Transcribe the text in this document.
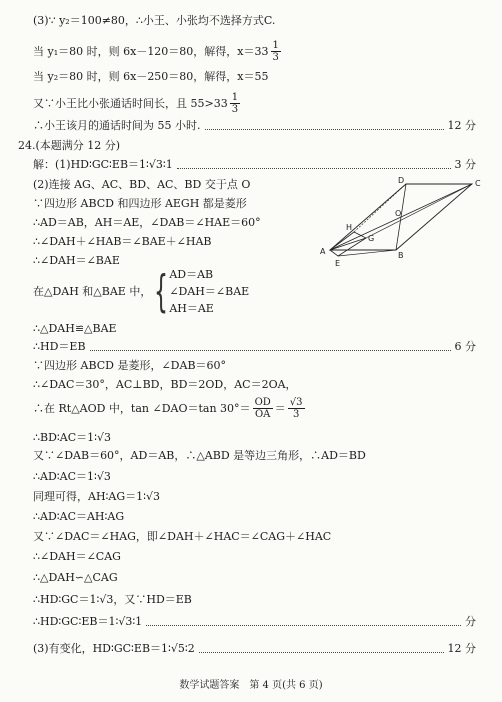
(3)∵ y₂＝100≠80，∴小王、小张均不选择方式C.
当 y₁＝80 时，则 6x－120＝80，解得，$x=33 \frac{1}{3}$
当 y₂＝80 时，则 6x－250＝80，解得，x＝55
又∵小王比小张通话时间长，且 $55>33 \frac{1}{3}$
∴小王该月的通话时间为 55 小时.	12 分
24.(本题满分 12 分)
解：(1)HD∶GC∶EB＝1∶√3∶1	3 分
(2)连接 AG、AC、BD、AC、BD 交于点 O
∵四边形 ABCD 和四边形 AEGH 都是菱形
∴AD＝AB，AH＝AE，∠DAB＝∠HAE＝60°
∴∠DAH＋∠HAB＝∠BAE＋∠HAB
∴∠DAH＝∠BAE
在△DAH 和△BAE 中， { AD＝AB
∠DAH＝∠BAE
AH＝AE
∴△DAH≌△BAE
∴HD＝EB	6 分
∵四边形 ABCD 是菱形，∠DAB＝60°
∴∠DAC＝30°，AC⊥BD，BD＝2OD，AC＝2OA，
∴在 Rt△AOD 中，tan ∠DAO＝tan $30^\circ= \frac{OD}{OA} = \frac{√3}{3}$
∴BD∶AC＝1∶√3
又∵∠DAB＝60°，AD＝AB，∴△ABD 是等边三角形，∴AD＝BD
∴AD∶AC＝1∶√3
同理可得，AH∶AG＝1∶√3
∴AD∶AC＝AH∶AG
又∵∠DAC＝∠HAG，即∠DAH＋∠HAC＝∠CAG＋∠HAC
∴∠DAH＝∠CAG
∴△DAH∽△CAG
∴HD∶GC＝1∶√3，又∵HD＝EB
∴HD∶GC∶EB＝1∶√3∶1	分
(3)有变化，HD∶GC∶EB＝1∶√5∶2	12 分
D	C
O
H
G
A
E
B
数学试题答案　第 4 页(共 6 页)
